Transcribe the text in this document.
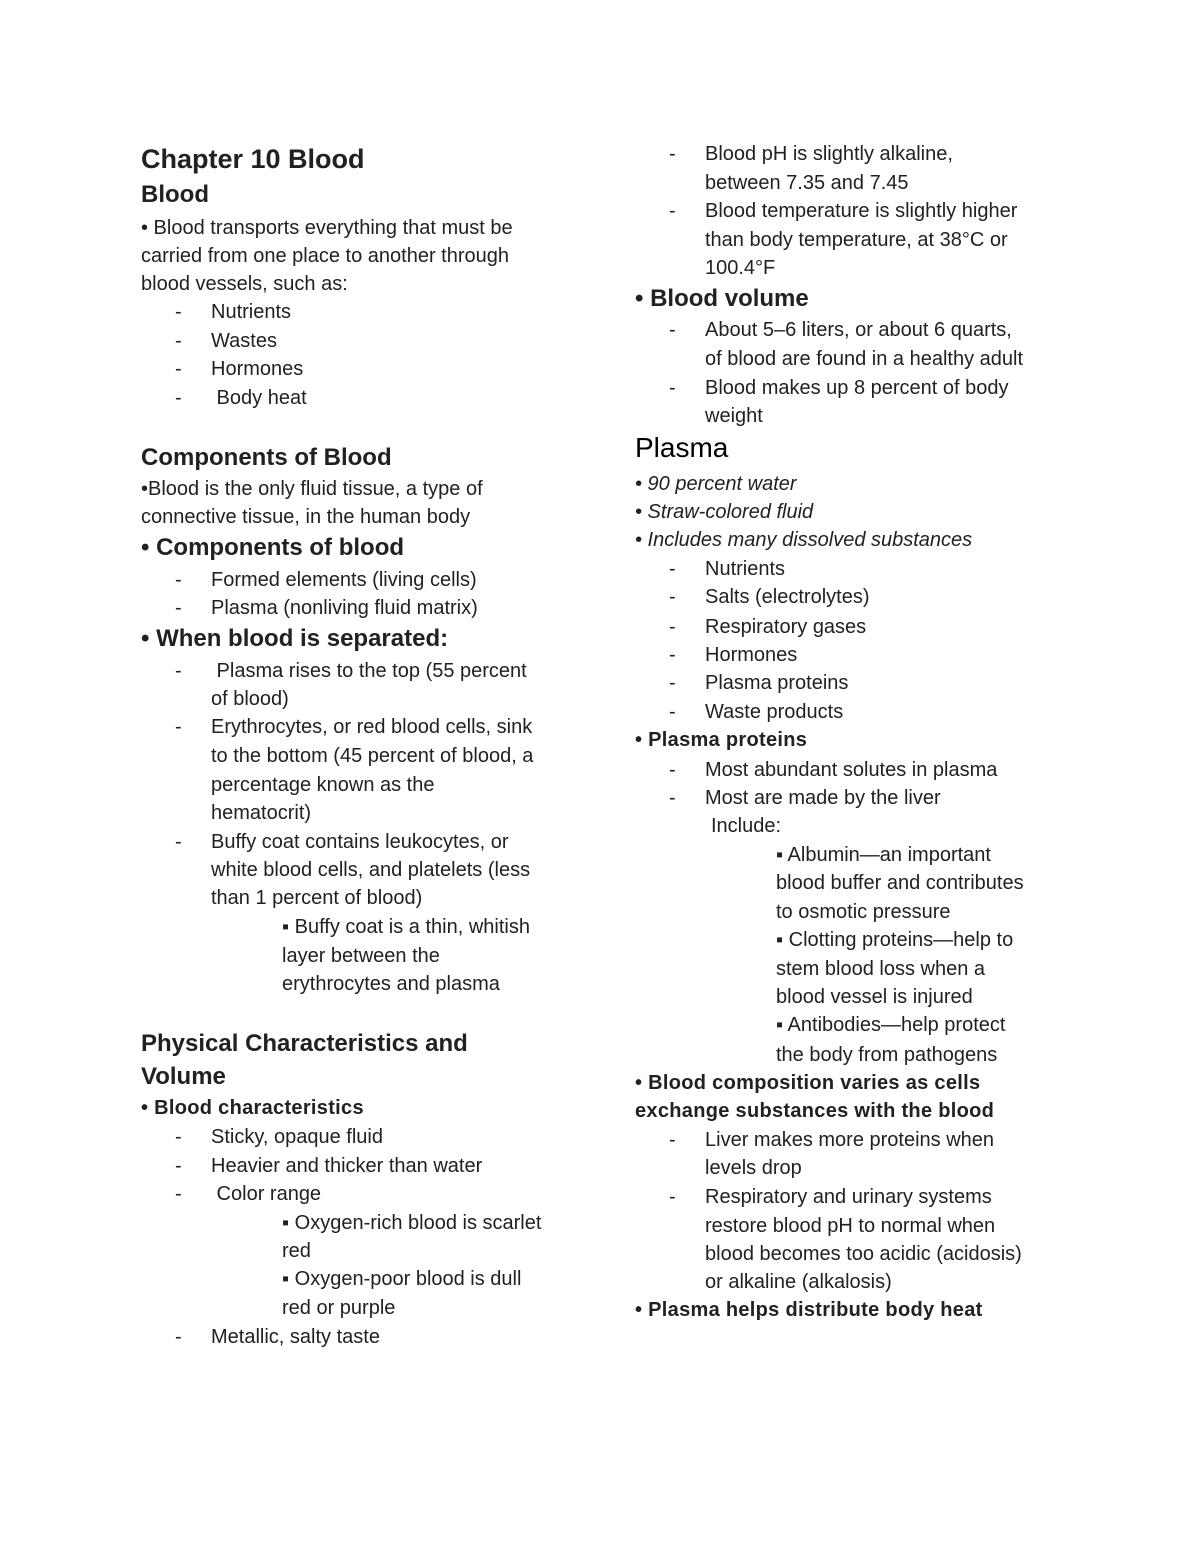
Chapter 10 Blood
Blood
• Blood transports everything that must be
carried from one place to another through
blood vessels, such as:
- Nutrients
- Wastes
- Hormones
- Body heat
Components of Blood
•Blood is the only fluid tissue, a type of
connective tissue, in the human body
• Components of blood
- Formed elements (living cells)
- Plasma (nonliving fluid matrix)
• When blood is separated:
- Plasma rises to the top (55 percent
of blood)
- Erythrocytes, or red blood cells, sink
to the bottom (45 percent of blood, a
percentage known as the
hematocrit)
- Buffy coat contains leukocytes, or
white blood cells, and platelets (less
than 1 percent of blood)
▪ Buffy coat is a thin, whitish
layer between the
erythrocytes and plasma
Physical Characteristics and
Volume
• Blood characteristics
- Sticky, opaque fluid
- Heavier and thicker than water
- Color range
▪ Oxygen-rich blood is scarlet
red
▪ Oxygen-poor blood is dull
red or purple
- Metallic, salty taste
- Blood pH is slightly alkaline,
between 7.35 and 7.45
- Blood temperature is slightly higher
than body temperature, at 38°C or
100.4°F
• Blood volume
- About 5–6 liters, or about 6 quarts,
of blood are found in a healthy adult
- Blood makes up 8 percent of body
weight
Plasma
• 90 percent water
• Straw-colored fluid
• Includes many dissolved substances
- Nutrients
- Salts (electrolytes)
- Respiratory gases
- Hormones
- Plasma proteins
- Waste products
• Plasma proteins
- Most abundant solutes in plasma
- Most are made by the liver
Include:
▪ Albumin—an important
blood buffer and contributes
to osmotic pressure
▪ Clotting proteins—help to
stem blood loss when a
blood vessel is injured
▪ Antibodies—help protect
the body from pathogens
• Blood composition varies as cells
exchange substances with the blood
- Liver makes more proteins when
levels drop
- Respiratory and urinary systems
restore blood pH to normal when
blood becomes too acidic (acidosis)
or alkaline (alkalosis)
• Plasma helps distribute body heat
